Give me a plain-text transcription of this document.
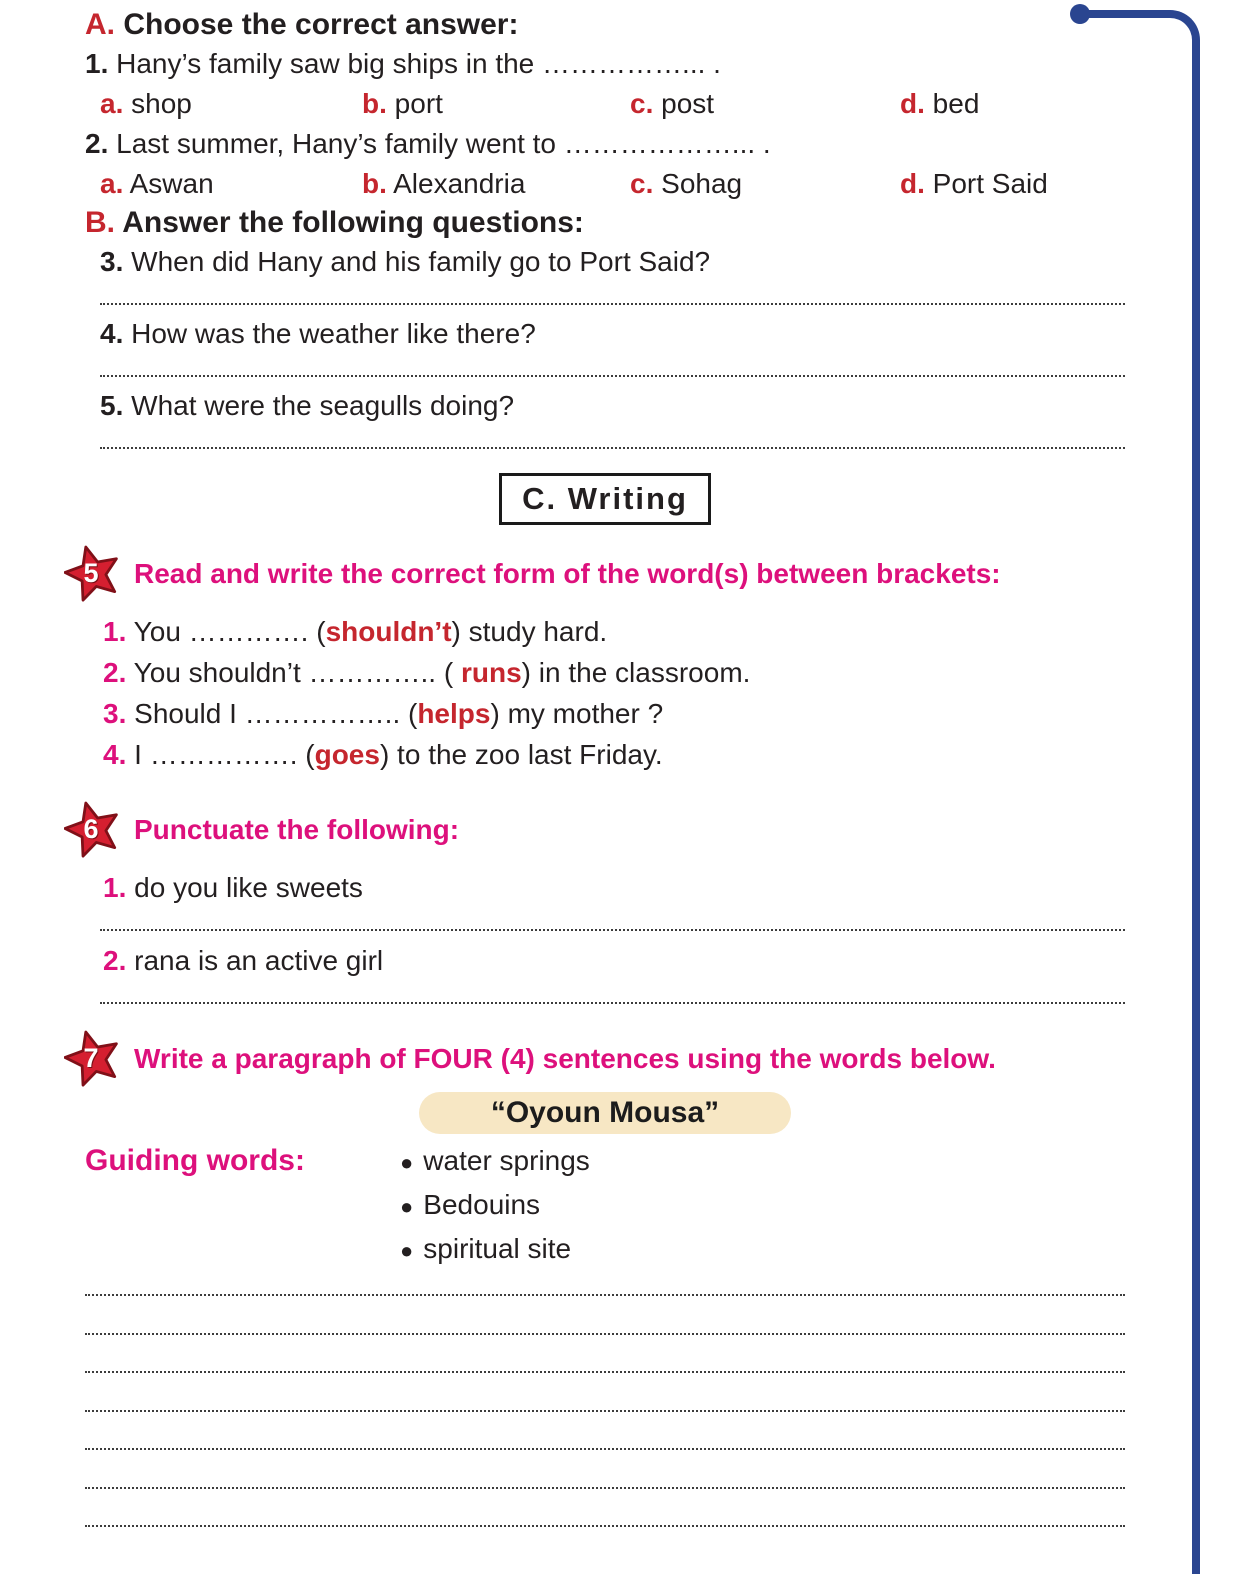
A. Choose the correct answer:
1. Hany’s family saw big ships in the ……………... .
a. shop	b. port	c. post	d. bed
2. Last summer, Hany’s family went to ………………... .
a. Aswan	b. Alexandria	c. Sohag	d. Port Said
B. Answer the following questions:
3. When did Hany and his family go to Port Said?
4. How was the weather like there?
5. What were the seagulls doing?
C. Writing
5	Read and write the correct form of the word(s) between brackets:
1. You …………. (shouldn’t) study hard.
2. You shouldn’t ………….. ( runs) in the classroom.
3. Should I …………….. (helps) my mother ?
4. I ……………. (goes) to the zoo last Friday.
6	Punctuate the following:
1. do you like sweets
2. rana is an active girl
7	Write a paragraph of FOUR (4) sentences using the words below.
“Oyoun Mousa”
Guiding words:	● water springs
● Bedouins
● spiritual site
